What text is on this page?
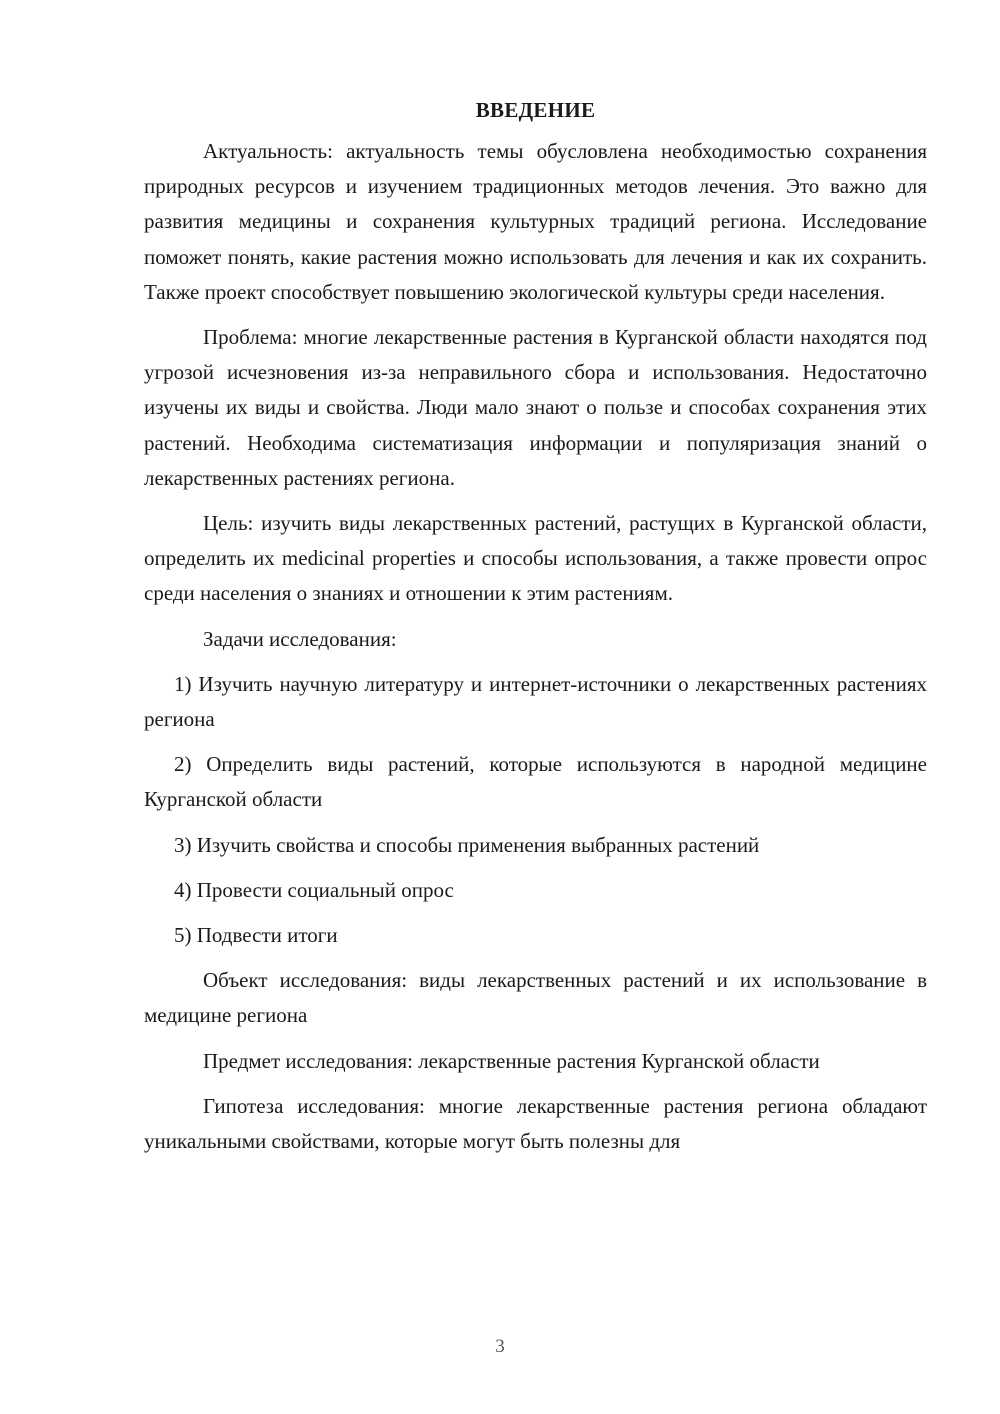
ВВЕДЕНИЕ

Актуальность: актуальность темы обусловлена необходимостью сохранения природных ресурсов и изучением традиционных методов лечения. Это важно для развития медицины и сохранения культурных традиций региона. Исследование поможет понять, какие растения можно использовать для лечения и как их сохранить. Также проект способствует повышению экологической культуры среди населения.

Проблема: многие лекарственные растения в Курганской области находятся под угрозой исчезновения из-за неправильного сбора и использования. Недостаточно изучены их виды и свойства. Люди мало знают о пользе и способах сохранения этих растений. Необходима систематизация информации и популяризация знаний о лекарственных растениях региона.

Цель: изучить виды лекарственных растений, растущих в Курганской области, определить их medicinal properties и способы использования, а также провести опрос среди населения о знаниях и отношении к этим растениям.

Задачи исследования:

1) Изучить научную литературу и интернет-источники о лекарственных растениях региона

2) Определить виды растений, которые используются в народной медицине Курганской области

3) Изучить свойства и способы применения выбранных растений

4) Провести социальный опрос

5) Подвести итоги

Объект исследования: виды лекарственных растений и их использование в медицине региона

Предмет исследования: лекарственные растения Курганской области

Гипотеза исследования: многие лекарственные растения региона обладают уникальными свойствами, которые могут быть полезны для

3
